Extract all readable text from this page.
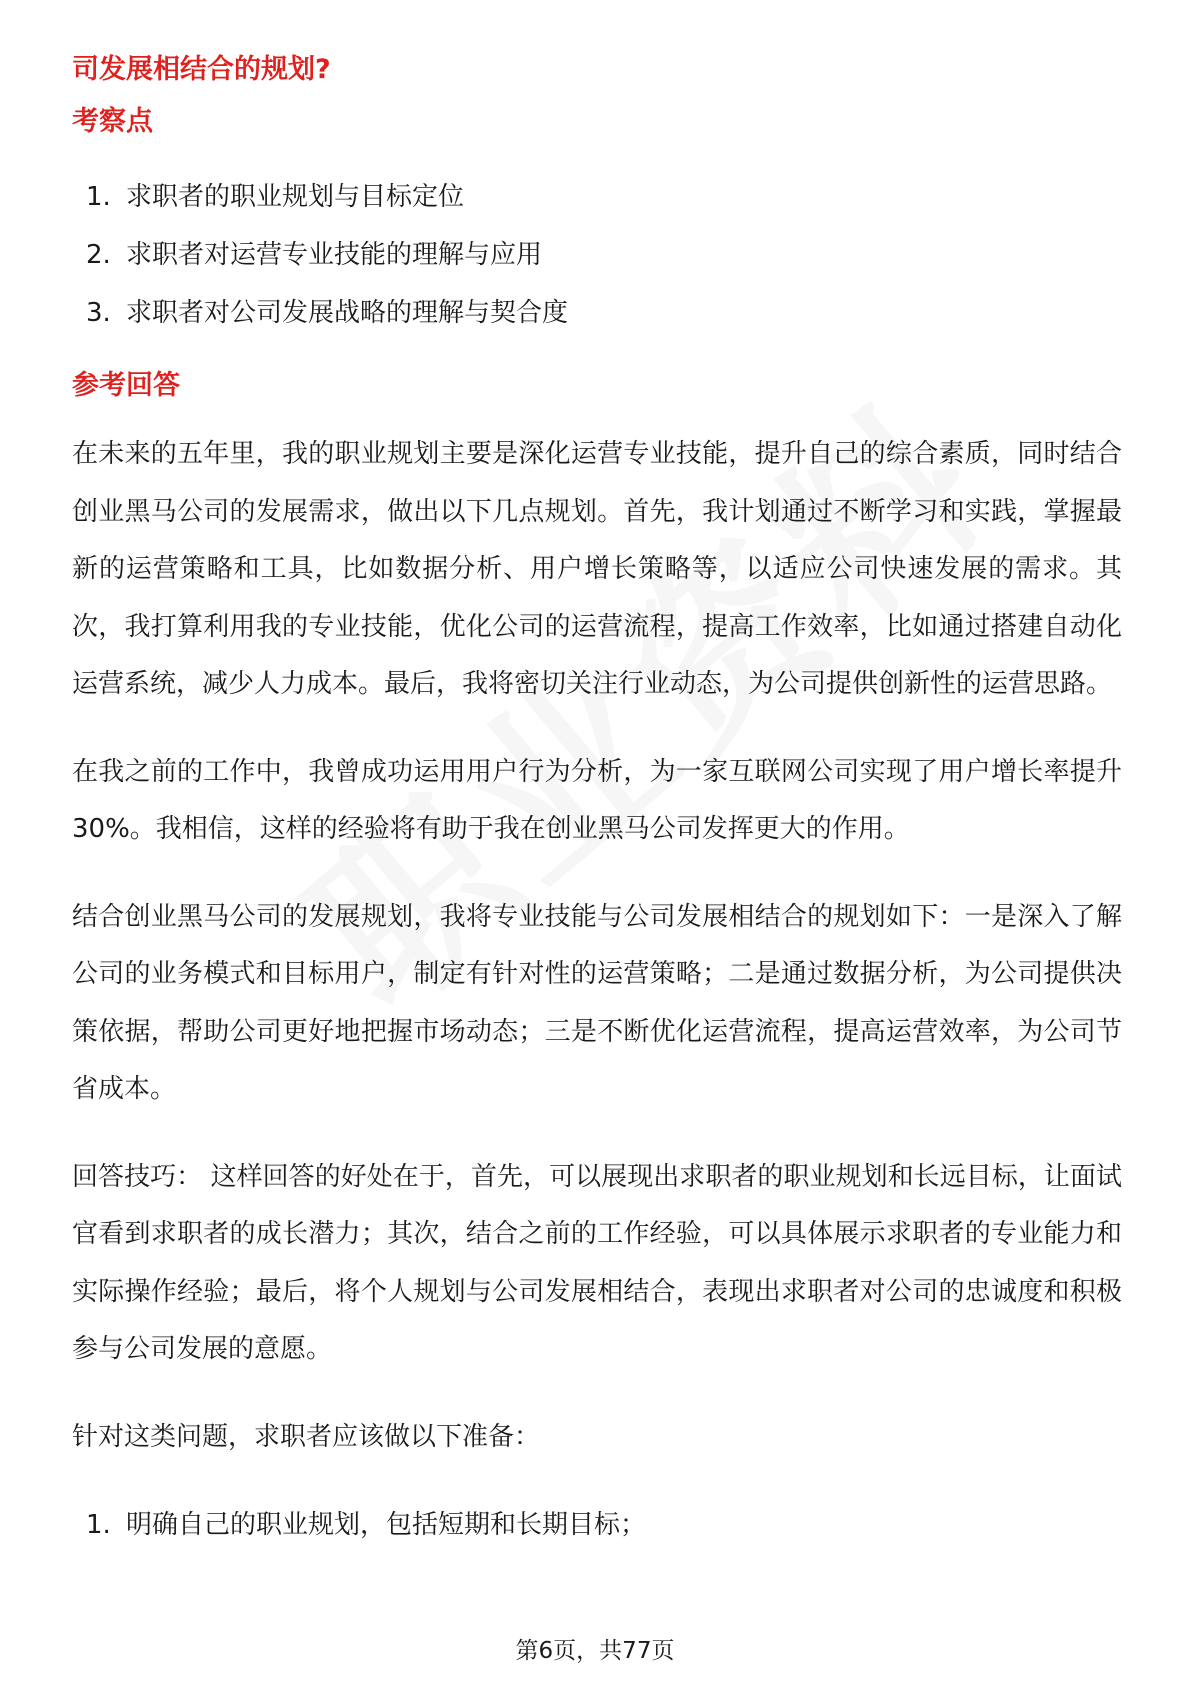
司发展相结合的规划?

考察点

1. 求职者的职业规划与目标定位
2. 求职者对运营专业技能的理解与应用
3. 求职者对公司发展战略的理解与契合度

参考回答

在未来的五年里，我的职业规划主要是深化运营专业技能，提升自己的综合素质，同时结合创业黑马公司的发展需求，做出以下几点规划。首先，我计划通过不断学习和实践，掌握最新的运营策略和工具，比如数据分析、用户增长策略等，以适应公司快速发展的需求。其次，我打算利用我的专业技能，优化公司的运营流程，提高工作效率，比如通过搭建自动化运营系统，减少人力成本。最后，我将密切关注行业动态，为公司提供创新性的运营思路。

在我之前的工作中，我曾成功运用用户行为分析，为一家互联网公司实现了用户增长率提升30%。我相信，这样的经验将有助于我在创业黑马公司发挥更大的作用。

结合创业黑马公司的发展规划，我将专业技能与公司发展相结合的规划如下：一是深入了解公司的业务模式和目标用户，制定有针对性的运营策略；二是通过数据分析，为公司提供决策依据，帮助公司更好地把握市场动态；三是不断优化运营流程，提高运营效率，为公司节省成本。

回答技巧： 这样回答的好处在于，首先，可以展现出求职者的职业规划和长远目标，让面试官看到求职者的成长潜力；其次，结合之前的工作经验，可以具体展示求职者的专业能力和实际操作经验；最后，将个人规划与公司发展相结合，表现出求职者对公司的忠诚度和积极参与公司发展的意愿。

针对这类问题，求职者应该做以下准备：

1. 明确自己的职业规划，包括短期和长期目标；
第6页，共77页
